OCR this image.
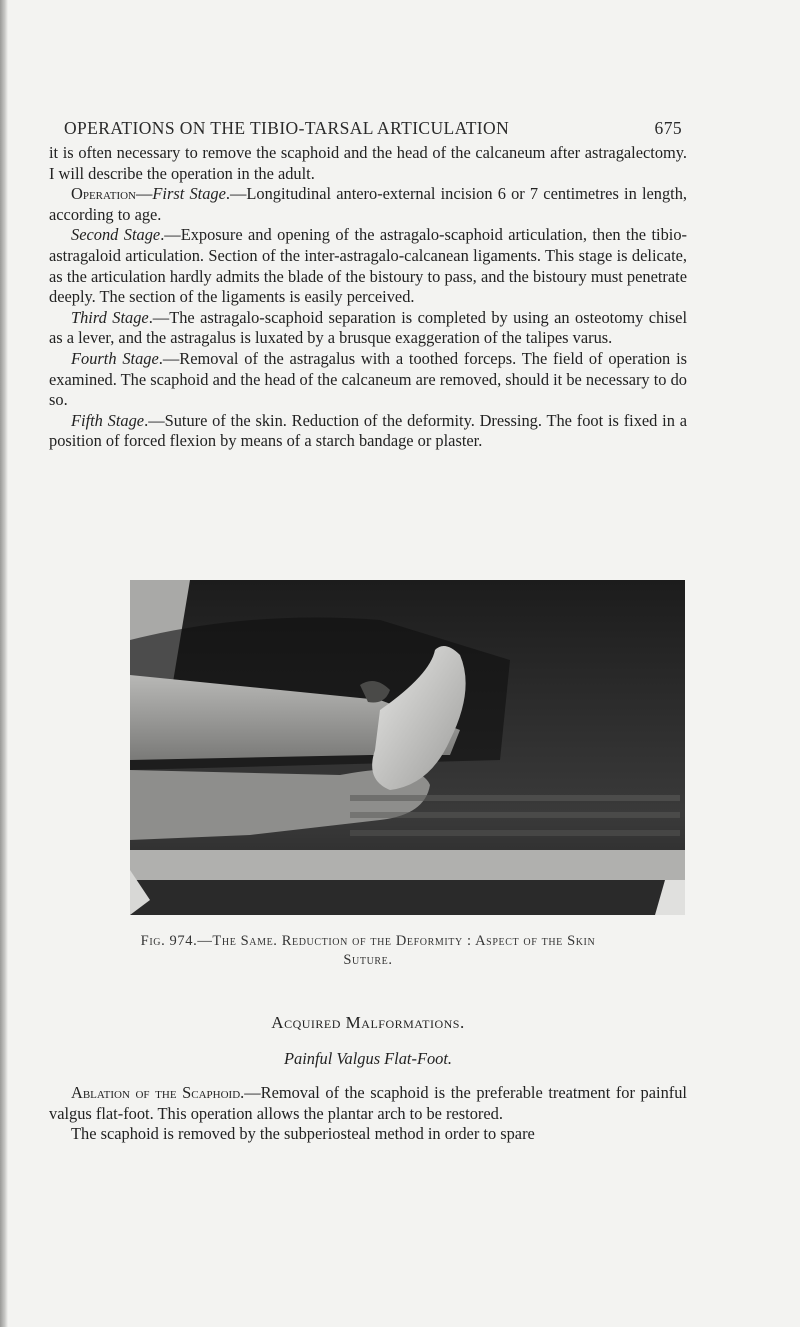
OPERATIONS ON THE TIBIO-TARSAL ARTICULATION	675

it is often necessary to remove the scaphoid and the head of the calcaneum after astragalectomy. I will describe the operation in the adult.

Operation—First Stage.—Longitudinal antero-external incision 6 or 7 centimetres in length, according to age.

Second Stage.—Exposure and opening of the astragalo-scaphoid articulation, then the tibio-astragaloid articulation. Section of the inter-astragalo-calcanean ligaments. This stage is delicate, as the articulation hardly admits the blade of the bistoury to pass, and the bistoury must penetrate deeply. The section of the ligaments is easily perceived.

Third Stage.—The astragalo-scaphoid separation is completed by using an osteotomy chisel as a lever, and the astragalus is luxated by a brusque exaggeration of the talipes varus.

Fourth Stage.—Removal of the astragalus with a toothed forceps. The field of operation is examined. The scaphoid and the head of the calcaneum are removed, should it be necessary to do so.

Fifth Stage.—Suture of the skin. Reduction of the deformity. Dressing. The foot is fixed in a position of forced flexion by means of a starch bandage or plaster.

Fig. 974.—The Same. Reduction of the Deformity : Aspect of the Skin
Suture.
Acquired Malformations.
Painful Valgus Flat-Foot.

Ablation of the Scaphoid.—Removal of the scaphoid is the preferable treatment for painful valgus flat-foot. This operation allows the plantar arch to be restored.

The scaphoid is removed by the subperiosteal method in order to spare
